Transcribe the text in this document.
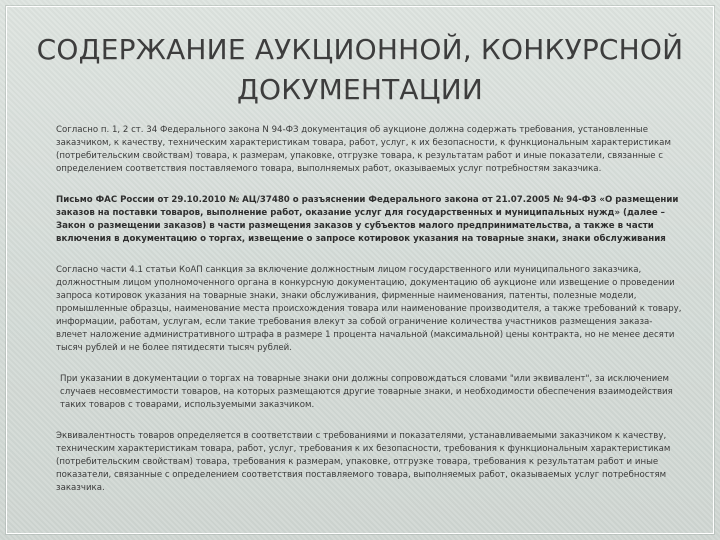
СОДЕРЖАНИЕ АУКЦИОННОЙ, КОНКУРСНОЙ
ДОКУМЕНТАЦИИ

Согласно п. 1, 2 ст. 34 Федерального закона N 94-ФЗ документация об аукционе должна содержать требования, установленные заказчиком, к качеству, техническим характеристикам товара, работ, услуг, к их безопасности, к функциональным характеристикам (потребительским свойствам) товара, к размерам, упаковке, отгрузке товара, к результатам работ и иные показатели, связанные с определением соответствия поставляемого товара, выполняемых работ, оказываемых услуг потребностям заказчика.

Письмо ФАС России от 29.10.2010 № АЦ/37480 о разъяснении Федерального закона от 21.07.2005 № 94-ФЗ «О размещении заказов на поставки товаров, выполнение работ, оказание услуг для государственных и муниципальных нужд» (далее – Закон о размещении заказов) в части размещения заказов у субъектов малого предпринимательства, а также в части включения в документацию о торгах, извещение о запросе котировок указания на товарные знаки, знаки обслуживания

Согласно части 4.1 статьи КоАП санкция за включение должностным лицом государственного или муниципального заказчика, должностным лицом уполномоченного органа в конкурсную документацию, документацию об аукционе или извещение о проведении запроса котировок указания на товарные знаки, знаки обслуживания, фирменные наименования, патенты, полезные модели, промышленные образцы, наименование места происхождения товара или наименование производителя, а также требований к товару, информации, работам, услугам, если такие требования влекут за собой ограничение количества участников размещения заказа- влечет наложение административного штрафа в размере 1 процента начальной (максимальной) цены контракта, но не менее десяти тысяч рублей и не более пятидесяти тысяч рублей.

При указании в документации о торгах на товарные знаки они должны сопровождаться словами "или эквивалент", за исключением случаев несовместимости товаров, на которых размещаются другие товарные знаки, и необходимости обеспечения взаимодействия таких товаров с товарами, используемыми заказчиком.

Эквивалентность товаров определяется в соответствии с требованиями и показателями, устанавливаемыми заказчиком к качеству, техническим характеристикам товара, работ, услуг, требования к их безопасности, требования к функциональным характеристикам (потребительским свойствам) товара, требования к размерам, упаковке, отгрузке товара, требования к результатам работ и иные показатели, связанные с определением соответствия поставляемого товара, выполняемых работ, оказываемых услуг потребностям заказчика.
